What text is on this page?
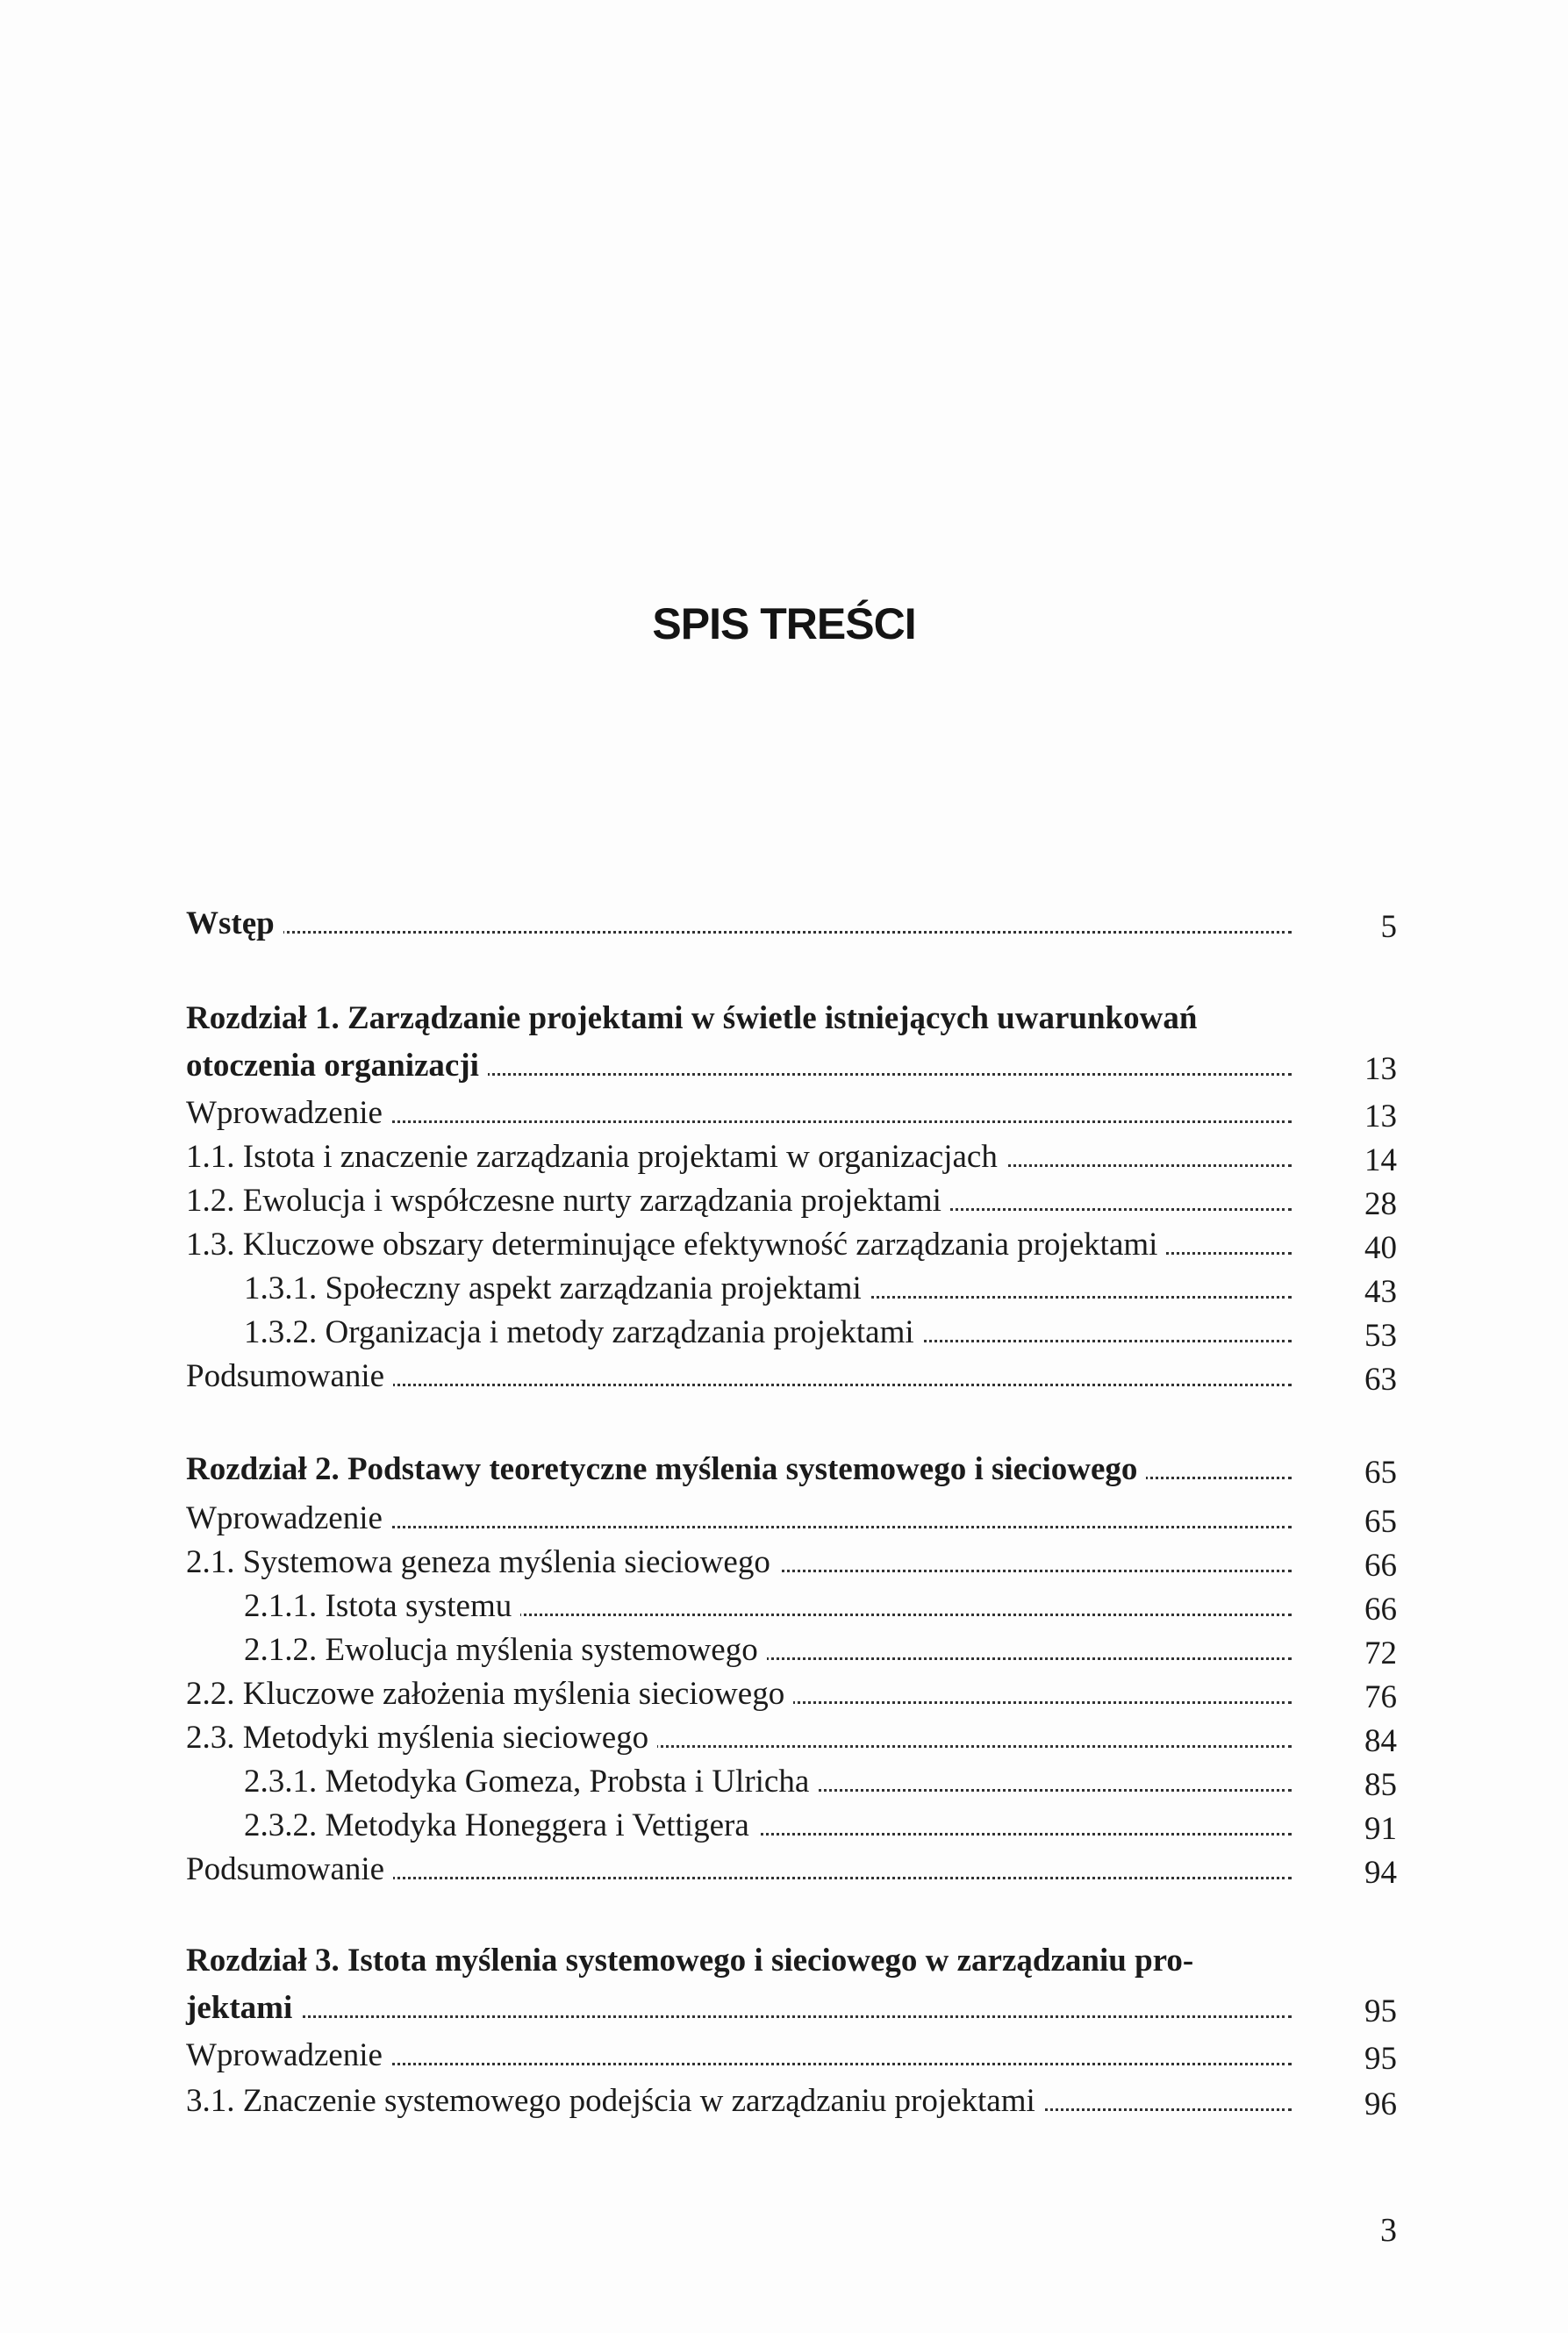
SPIS TREŚCI
Wstęp	5
Rozdział 1. Zarządzanie projektami w świetle istniejących uwarunkowań
otoczenia organizacji	13
Wprowadzenie	13
1.1. Istota i znaczenie zarządzania projektami w organizacjach	14
1.2. Ewolucja i współczesne nurty zarządzania projektami	28
1.3. Kluczowe obszary determinujące efektywność zarządzania projektami	40
1.3.1. Społeczny aspekt zarządzania projektami	43
1.3.2. Organizacja i metody zarządzania projektami	53
Podsumowanie	63
Rozdział 2. Podstawy teoretyczne myślenia systemowego i sieciowego	65
Wprowadzenie	65
2.1. Systemowa geneza myślenia sieciowego	66
2.1.1. Istota systemu	66
2.1.2. Ewolucja myślenia systemowego	72
2.2. Kluczowe założenia myślenia sieciowego	76
2.3. Metodyki myślenia sieciowego	84
2.3.1. Metodyka Gomeza, Probsta i Ulricha	85
2.3.2. Metodyka Honeggera i Vettigera	91
Podsumowanie	94
Rozdział 3. Istota myślenia systemowego i sieciowego w zarządzaniu pro-
jektami	95
Wprowadzenie	95
3.1. Znaczenie systemowego podejścia w zarządzaniu projektami	96
3
